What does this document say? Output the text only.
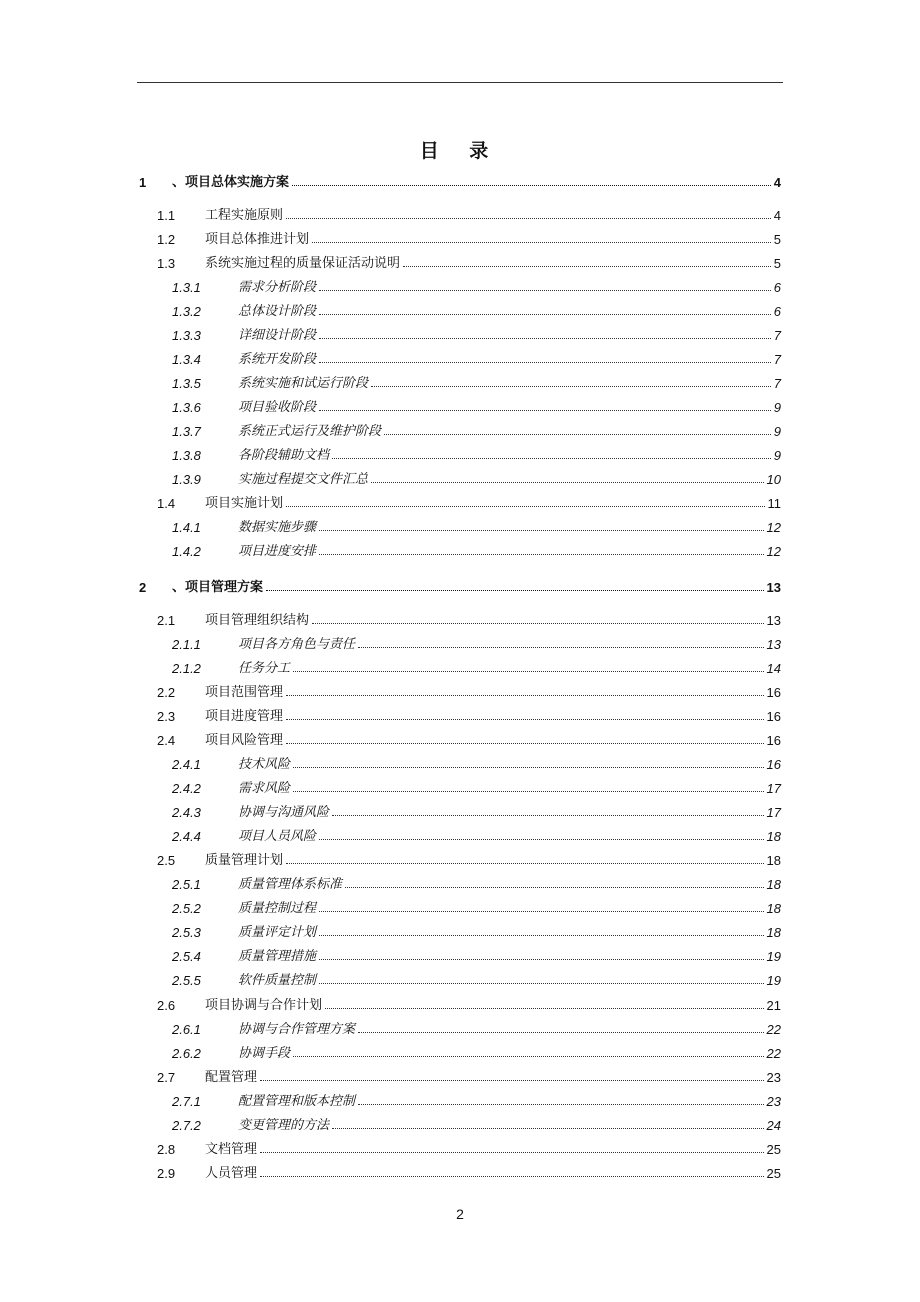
目 录
1 、项目总体实施方案	4
1.1 工程实施原则	4
1.2 项目总体推进计划	5
1.3 系统实施过程的质量保证活动说明	5
1.3.1	需求分析阶段	6
1.3.2	总体设计阶段	6
1.3.3	详细设计阶段	7
1.3.4	系统开发阶段	7
1.3.5	系统实施和试运行阶段	7
1.3.6	项目验收阶段	9
1.3.7	系统正式运行及维护阶段	9
1.3.8	各阶段辅助文档	9
1.3.9	实施过程提交文件汇总	10
1.4 项目实施计划	11
1.4.1	数据实施步骤	12
1.4.2	项目进度安排	12
2 、项目管理方案	13
2.1 项目管理组织结构	13
2.1.1	项目各方角色与责任	13
2.1.2	任务分工	14
2.2 项目范围管理	16
2.3 项目进度管理	16
2.4 项目风险管理	16
2.4.1	技术风险	16
2.4.2	需求风险	17
2.4.3	协调与沟通风险	17
2.4.4	项目人员风险	18
2.5 质量管理计划	18
2.5.1	质量管理体系标准	18
2.5.2	质量控制过程	18
2.5.3	质量评定计划	18
2.5.4	质量管理措施	19
2.5.5	软件质量控制	19
2.6 项目协调与合作计划	21
2.6.1	协调与合作管理方案	22
2.6.2	协调手段	22
2.7 配置管理	23
2.7.1	配置管理和版本控制	23
2.7.2	变更管理的方法	24
2.8 文档管理	25
2.9 人员管理	25
2
